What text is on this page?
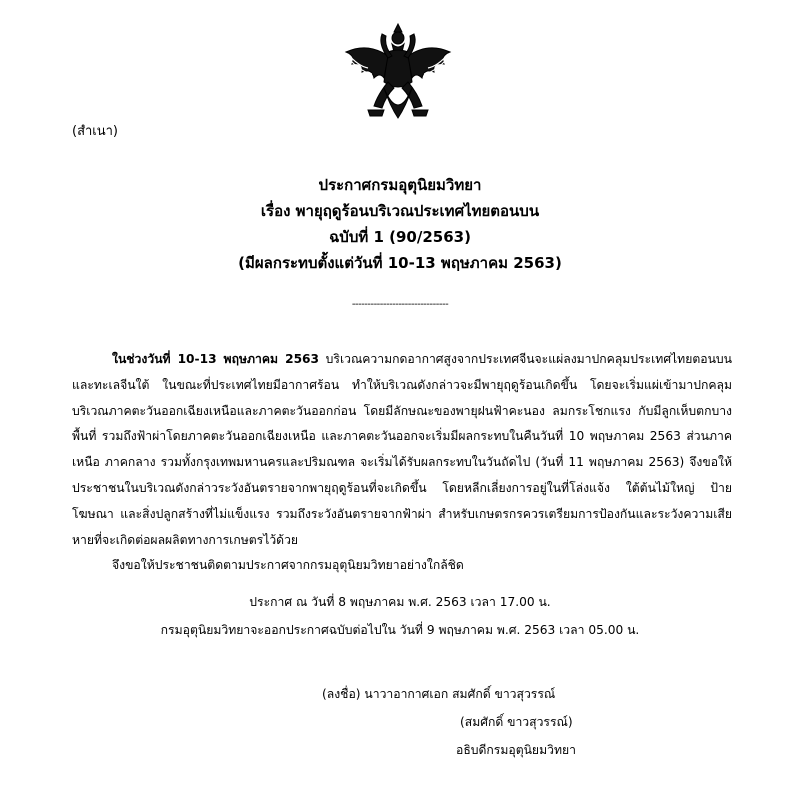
(สำเนา)
ประกาศกรมอุตุนิยมวิทยา
เรื่อง พายุฤดูร้อนบริเวณประเทศไทยตอนบน
ฉบับที่ 1 (90/2563)
(มีผลกระทบตั้งแต่วันที่ 10-13 พฤษภาคม 2563)
-------------------------------

ในช่วงวันที่ 10-13 พฤษภาคม 2563 บริเวณความกดอากาศสูงจากประเทศจีนจะแผ่ลงมาปกคลุมประเทศไทยตอนบนและทะเลจีนใต้ ในขณะที่ประเทศไทยมีอากาศร้อน ทำให้บริเวณดังกล่าวจะมีพายุฤดูร้อนเกิดขึ้น โดยจะเริ่มแผ่เข้ามาปกคลุมบริเวณภาคตะวันออกเฉียงเหนือและภาคตะวันออกก่อน โดยมีลักษณะของพายุฝนฟ้าคะนอง ลมกระโชกแรง กับมีลูกเห็บตกบางพื้นที่ รวมถึงฟ้าผ่าโดยภาคตะวันออกเฉียงเหนือ และภาคตะวันออกจะเริ่มมีผลกระทบในคืนวันที่ 10 พฤษภาคม 2563 ส่วนภาคเหนือ ภาคกลาง รวมทั้งกรุงเทพมหานครและปริมณฑล จะเริ่มได้รับผลกระทบในวันถัดไป (วันที่ 11 พฤษภาคม 2563) จึงขอให้ประชาชนในบริเวณดังกล่าวระวังอันตรายจากพายุฤดูร้อนที่จะเกิดขึ้น โดยหลีกเลี่ยงการอยู่ในที่โล่งแจ้ง ใต้ต้นไม้ใหญ่ ป้ายโฆษณา และสิ่งปลูกสร้างที่ไม่แข็งแรง รวมถึงระวังอันตรายจากฟ้าผ่า สำหรับเกษตรกรควรเตรียมการป้องกันและระวังความเสียหายที่จะเกิดต่อผลผลิตทางการเกษตรไว้ด้วย

จึงขอให้ประชาชนติดตามประกาศจากกรมอุตุนิยมวิทยาอย่างใกล้ชิด

ประกาศ ณ วันที่ 8 พฤษภาคม พ.ศ. 2563 เวลา 17.00 น.
กรมอุตุนิยมวิทยาจะออกประกาศฉบับต่อไปใน วันที่ 9 พฤษภาคม พ.ศ. 2563 เวลา 05.00 น.
(ลงชื่อ) นาวาอากาศเอก สมศักดิ์ ขาวสุวรรณ์
(สมศักดิ์ ขาวสุวรรณ์)
อธิบดีกรมอุตุนิยมวิทยา
